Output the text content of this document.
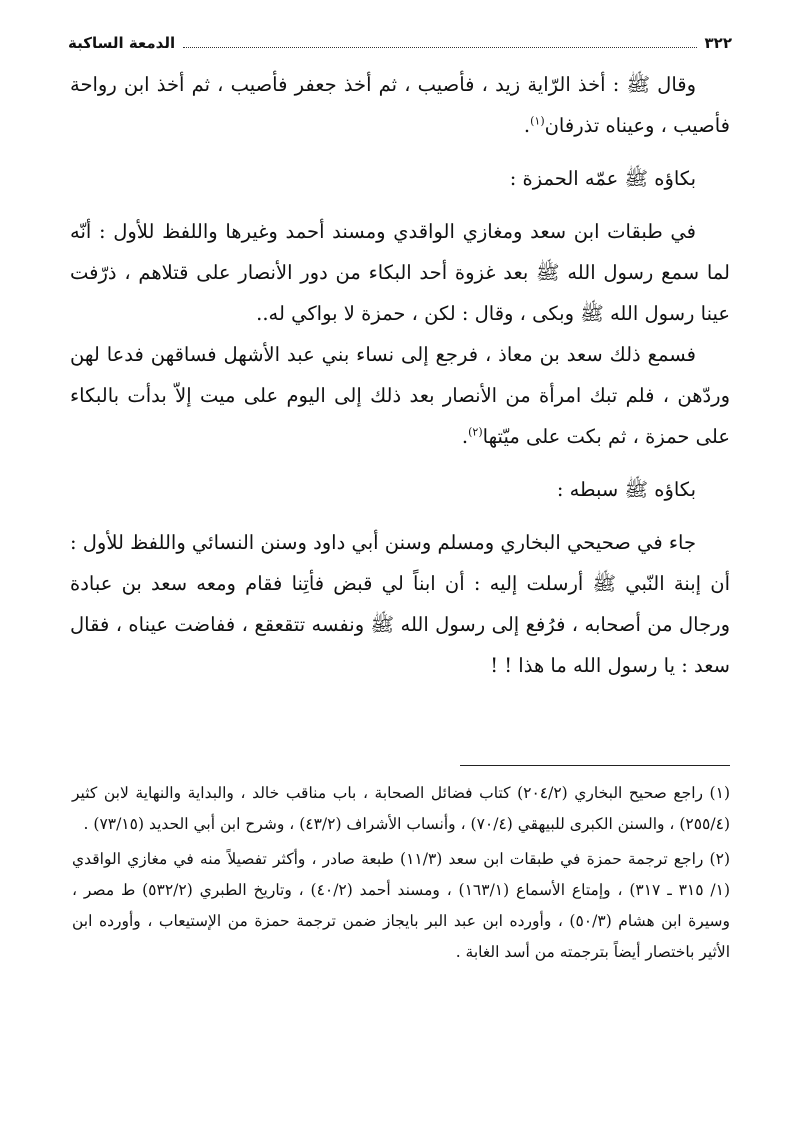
٣٢٢
الدمعة الساكبة

وقال ﷺ : أخذ الرّاية زيد ، فأصيب ، ثم أخذ جعفر فأصيب ، ثم أخذ ابن رواحة فأصيب ، وعيناه تذرفان$^{(١)}$.

بكاؤه ﷺ عمّه الحمزة :

في طبقات ابن سعد ومغازي الواقدي ومسند أحمد وغيرها واللفظ للأول : أنّه لما سمع رسول الله ﷺ بعد غزوة أحد البكاء من دور الأنصار على قتلاهم ، ذرّفت عينا رسول الله ﷺ وبكى ، وقال : لكن ، حمزة لا بواكي له..

فسمع ذلك سعد بن معاذ ، فرجع إلى نساء بني عبد الأشهل فساقهن فدعا لهن وردّهن ، فلم تبك امرأة من الأنصار بعد ذلك إلى اليوم على ميت إلاّ بدأت بالبكاء على حمزة ، ثم بكت على ميّتها$^{(٢)}$.

بكاؤه ﷺ سبطه :

جاء في صحيحي البخاري ومسلم وسنن أبي داود وسنن النسائي واللفظ للأول : أن إبنة النّبي ﷺ أرسلت إليه : أن ابناً لي قبض فأتِنا فقام ومعه سعد بن عبادة ورجال من أصحابه ، فرُفع إلى رسول الله ﷺ ونفسه تتقعقع ، ففاضت عيناه ، فقال سعد : يا رسول الله ما هذا ! !

(١) راجع صحيح البخاري (٢٠٤/٢) كتاب فضائل الصحابة ، باب مناقب خالد ، والبداية والنهاية لابن كثير (٢٥٥/٤) ، والسنن الكبرى للبيهقي (٧٠/٤) ، وأنساب الأشراف (٤٣/٢) ، وشرح ابن أبي الحديد (٧٣/١٥) .

(٢) راجع ترجمة حمزة في طبقات ابن سعد (١١/٣) طبعة صادر ، وأكثر تفصيلاً منه في مغازي الواقدي (١/ ٣١٥ ـ ٣١٧) ، وإمتاع الأسماع (١٦٣/١) ، ومسند أحمد (٤٠/٢) ، وتاريخ الطبري (٥٣٢/٢) ط مصر ، وسيرة ابن هشام (٥٠/٣) ، وأورده ابن عبد البر بايجاز ضمن ترجمة حمزة من الإستيعاب ، وأورده ابن الأثير باختصار أيضاً بترجمته من أسد الغابة .
